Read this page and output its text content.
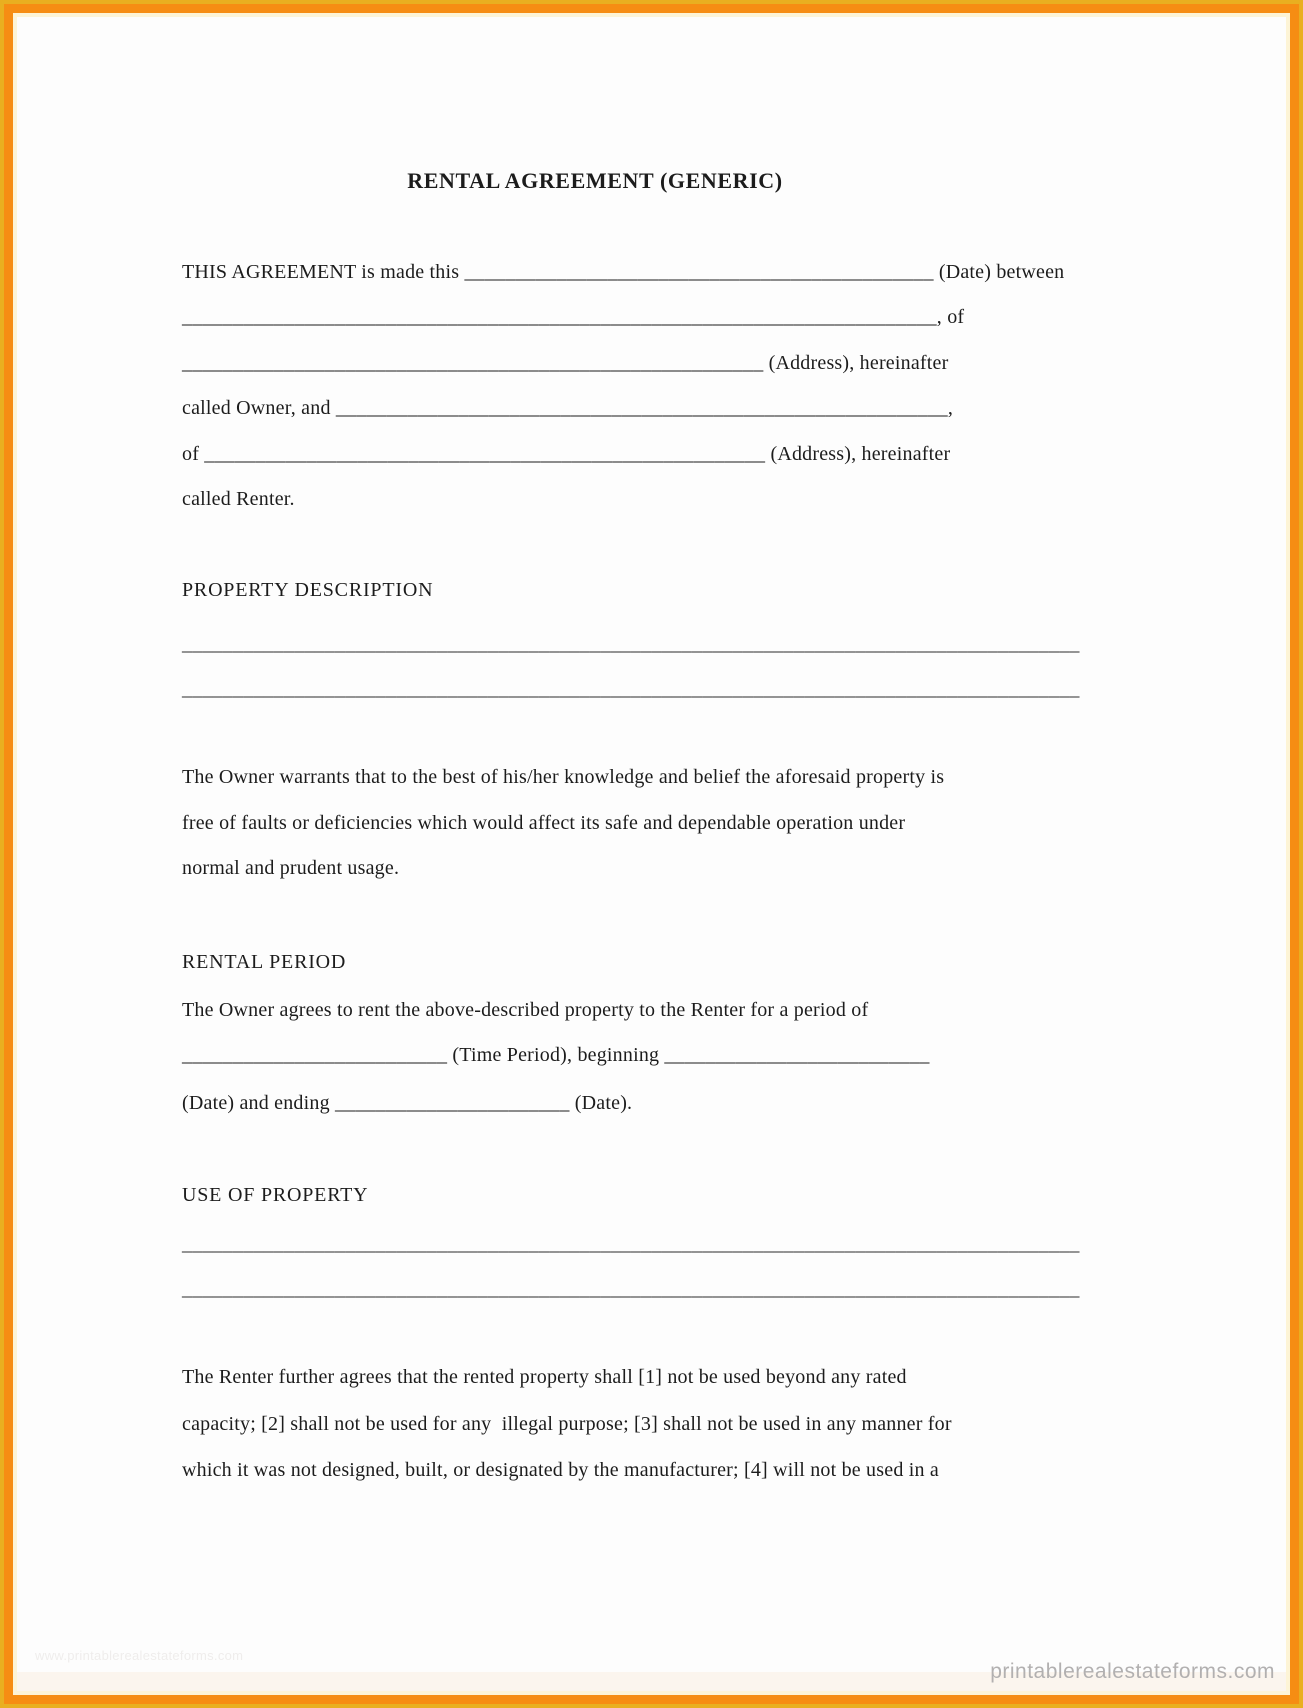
RENTAL AGREEMENT (GENERIC)
THIS AGREEMENT is made this ______________________________________________ (Date) between
__________________________________________________________________________, of
_________________________________________________________ (Address), hereinafter
called Owner, and ____________________________________________________________,
of _______________________________________________________ (Address), hereinafter
called Renter.
PROPERTY DESCRIPTION
________________________________________________________________________________________
________________________________________________________________________________________
The Owner warrants that to the best of his/her knowledge and belief the aforesaid property is
free of faults or deficiencies which would affect its safe and dependable operation under
normal and prudent usage.
RENTAL PERIOD
The Owner agrees to rent the above-described property to the Renter for a period of
__________________________ (Time Period), beginning __________________________
(Date) and ending _______________________ (Date).
USE OF PROPERTY
________________________________________________________________________________________
________________________________________________________________________________________
The Renter further agrees that the rented property shall [1] not be used beyond any rated
capacity; [2] shall not be used for any  illegal purpose; [3] shall not be used in any manner for
which it was not designed, built, or designated by the manufacturer; [4] will not be used in a
www.printablerealestateforms.com
printablerealestateforms.com
